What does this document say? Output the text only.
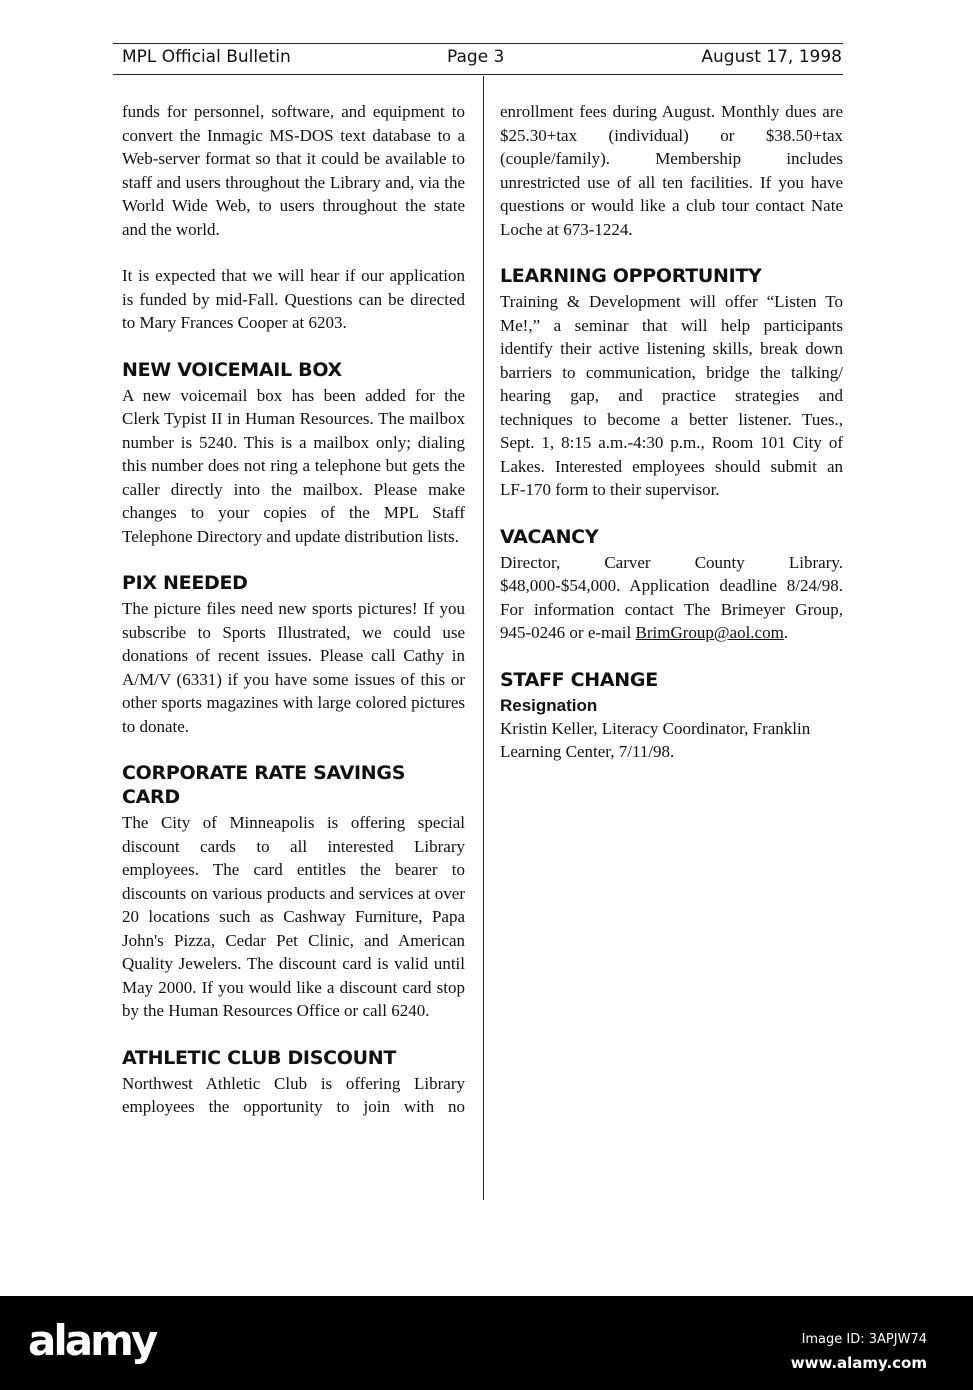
MPL Official Bulletin	Page 3	August 17, 1998

funds for personnel, software, and equipment to convert the Inmagic MS-DOS text database to a Web-server format so that it could be available to staff and users throughout the Library and, via the World Wide Web, to users throughout the state and the world.

It is expected that we will hear if our application is funded by mid-Fall. Questions can be directed to Mary Frances Cooper at 6203.

NEW VOICEMAIL BOX

A new voicemail box has been added for the Clerk Typist II in Human Resources. The mailbox number is 5240. This is a mailbox only; dialing this number does not ring a telephone but gets the caller directly into the mailbox. Please make changes to your copies of the MPL Staff Telephone Directory and update distribution lists.

PIX NEEDED

The picture files need new sports pictures! If you subscribe to Sports Illustrated, we could use donations of recent issues. Please call Cathy in A/M/V (6331) if you have some issues of this or other sports magazines with large colored pictures to donate.

CORPORATE RATE SAVINGS CARD

The City of Minneapolis is offering special discount cards to all interested Library employees. The card entitles the bearer to discounts on various products and services at over 20 locations such as Cashway Furniture, Papa John's Pizza, Cedar Pet Clinic, and American Quality Jewelers. The discount card is valid until May 2000. If you would like a discount card stop by the Human Resources Office or call 6240.

ATHLETIC CLUB DISCOUNT

Northwest Athletic Club is offering Library employees the opportunity to join with no

enrollment fees during August. Monthly dues are $25.30+tax (individual) or $38.50+tax (couple/family). Membership includes unrestricted use of all ten facilities. If you have questions or would like a club tour contact Nate Loche at 673-1224.

LEARNING OPPORTUNITY

Training & Development will offer “Listen To Me!,” a seminar that will help participants identify their active listening skills, break down barriers to communication, bridge the talking/ hearing gap, and practice strategies and techniques to become a better listener. Tues., Sept. 1, 8:15 a.m.-4:30 p.m., Room 101 City of Lakes. Interested employees should submit an LF-170 form to their supervisor.

VACANCY

Director, Carver County Library. $48,000-$54,000. Application deadline 8/24/98. For information contact The Brimeyer Group, 945-0246 or e-mail BrimGroup@aol.com.

STAFF CHANGE
Resignation

Kristin Keller, Literacy Coordinator, Franklin Learning Center, 7/11/98.

alamy	Image ID: 3APJW74
www.alamy.com
